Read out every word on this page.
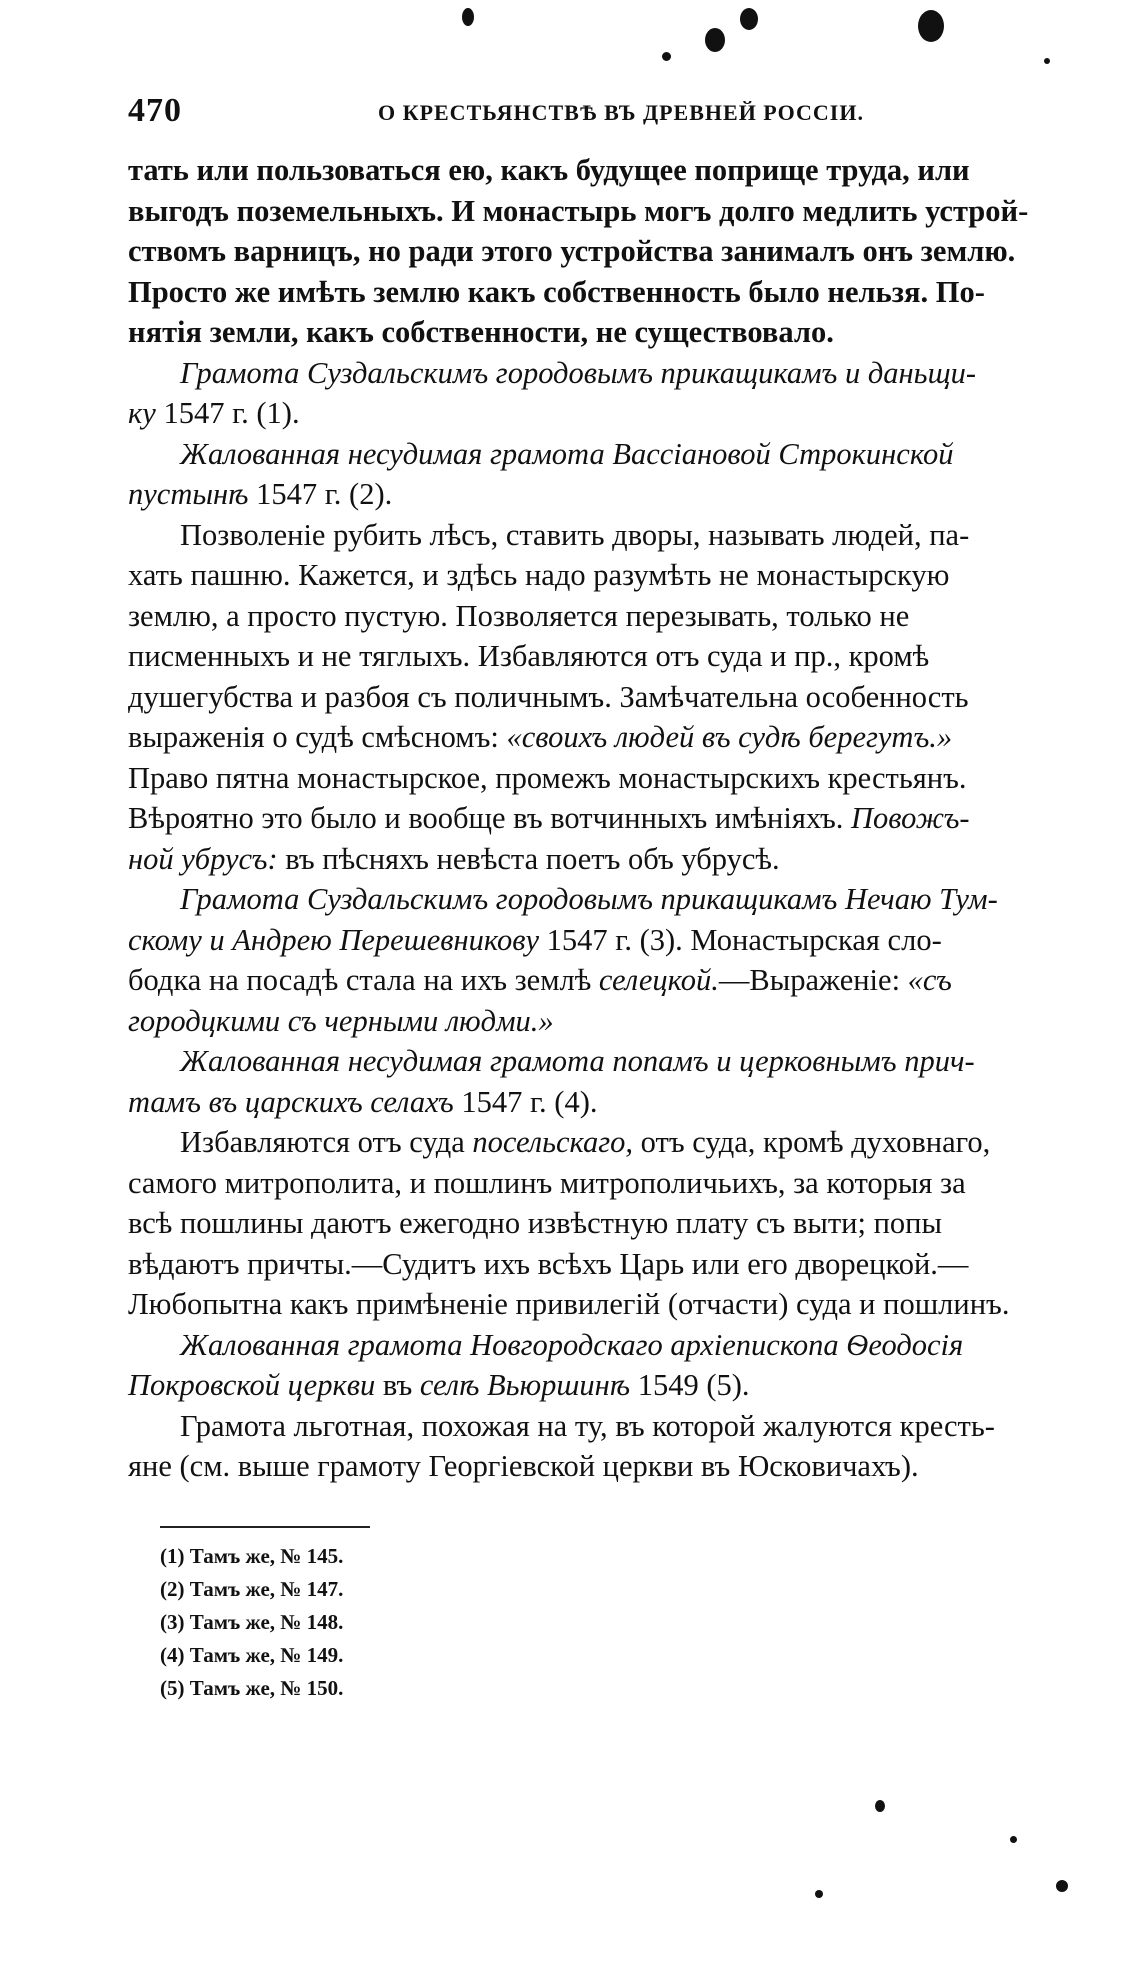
470	О КРЕСТЬЯНСТВѢ ВЪ ДРЕВНЕЙ РОССІИ.
тать или пользоваться ею, какъ будущее поприще труда, или
выгодъ поземельныхъ. И монастырь могъ долго медлить устрой-
ствомъ варницъ, но ради этого устройства занималъ онъ землю.
Просто же имѣть землю какъ собственность было нельзя. По-
нятія земли, какъ собственности, не существовало.
Грамота Суздальскимъ городовымъ прикащикамъ и даньщи-
ку 1547 г. (1).
Жалованная несудимая грамота Вассіановой Строкинской
пустынѣ 1547 г. (2).
Позволеніе рубить лѣсъ, ставить дворы, называть людей, па-
хать пашню. Кажется, и здѣсь надо разумѣть не монастырскую
землю, а просто пустую. Позволяется перезывать, только не
писменныхъ и не тяглыхъ. Избавляются отъ суда и пр., кромѣ
душегубства и разбоя съ поличнымъ. Замѣчательна особенность
выраженія о судѣ смѣсномъ: «своихъ людей въ судѣ берегутъ.»
Право пятна монастырское, промежъ монастырскихъ крестьянъ.
Вѣроятно это было и вообще въ вотчинныхъ имѣніяхъ. Повожъ-
ной убрусъ: въ пѣсняхъ невѣста поетъ объ убрусѣ.
Грамота Суздальскимъ городовымъ прикащикамъ Нечаю Тум-
скому и Андрею Перешевникову 1547 г. (3). Монастырская сло-
бодка на посадѣ стала на ихъ землѣ селецкой.—Выраженіе: «съ
городцкими съ черными людми.»
Жалованная несудимая грамота попамъ и церковнымъ прич-
тамъ въ царскихъ селахъ 1547 г. (4).
Избавляются отъ суда посельскаго, отъ суда, кромѣ духовнаго,
самого митрополита, и пошлинъ митрополичьихъ, за которыя за
всѣ пошлины даютъ ежегодно извѣстную плату съ выти; попы
вѣдаютъ причты.—Судитъ ихъ всѣхъ Царь или его дворецкой.—
Любопытна какъ примѣненіе привилегій (отчасти) суда и пошлинъ.
Жалованная грамота Новгородскаго архіепископа Ѳеодосія
Покровской церкви въ селѣ Вьюршинѣ 1549 (5).
Грамота льготная, похожая на ту, въ которой жалуются кресть-
яне (см. выше грамоту Георгіевской церкви въ Юсковичахъ).
(1) Тамъ же, № 145.
(2) Тамъ же, № 147.
(3) Тамъ же, № 148.
(4) Тамъ же, № 149.
(5) Тамъ же, № 150.
